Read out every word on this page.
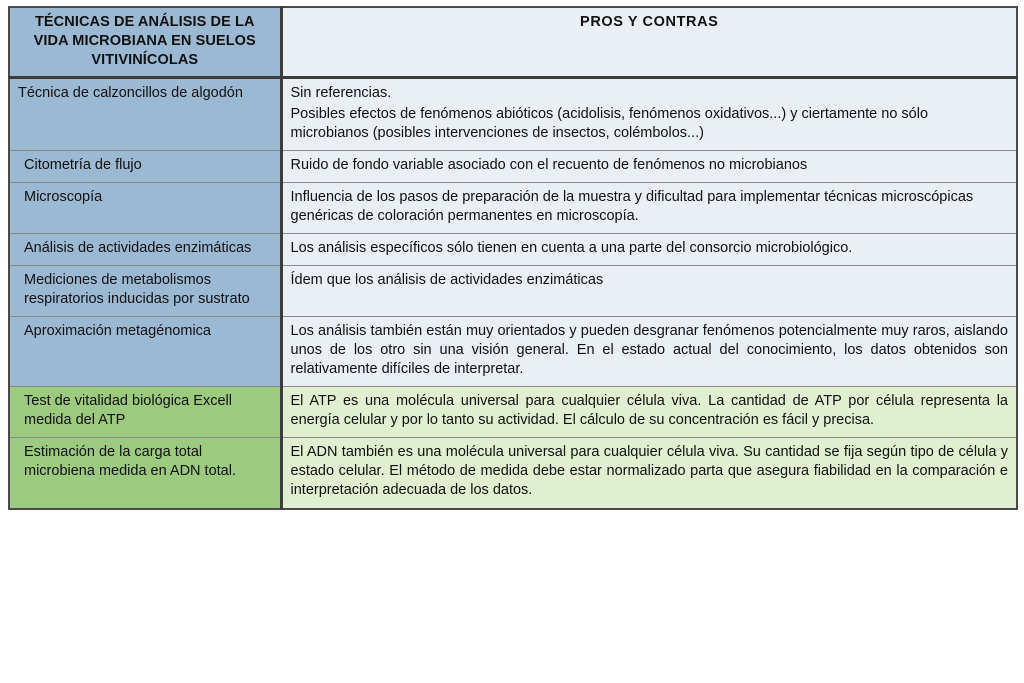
TÉCNICAS DE ANÁLISIS DE LA VIDA MICROBIANA EN SUELOS VITIVINÍCOLAS	PROS Y CONTRAS
Técnica de calzoncillos de algodón	Sin referencias.

Posibles efectos de fenómenos abióticos (acidolisis, fenómenos oxidativos...) y ciertamente no sólo microbianos (posibles intervenciones de insectos, colémbolos...)

Citometría de flujo	Ruido de fondo variable asociado con el recuento de fenómenos no microbianos

Microscopía	Influencia de los pasos de preparación de la muestra y dificultad para implementar técnicas microscópicas genéricas de coloración permanentes en microscopía.

Análisis de actividades enzimáticas	Los análisis específicos sólo tienen en cuenta a una parte del consorcio microbiológico.

Mediciones de metabolismos respiratorios inducidas por sustrato	Ídem que los análisis de actividades enzimáticas

Aproximación metagénomica	Los análisis también están muy orientados y pueden desgranar fenómenos potencialmente muy raros, aislando unos de los otro sin una visión general. En el estado actual del conocimiento, los datos obtenidos son relativamente difíciles de interpretar.

Test de vitalidad biológica Excell medida del ATP	El ATP es una molécula universal para cualquier célula viva. La cantidad de ATP por célula representa la energía celular y por lo tanto su actividad. El cálculo de su concentración es fácil y precisa.

Estimación de la carga total microbiena medida en ADN total.	El ADN también es una molécula universal para cualquier célula viva. Su cantidad se fija según tipo de célula y estado celular. El método de medida debe estar normalizado parta que asegura fiabilidad en la comparación e interpretación adecuada de los datos.
